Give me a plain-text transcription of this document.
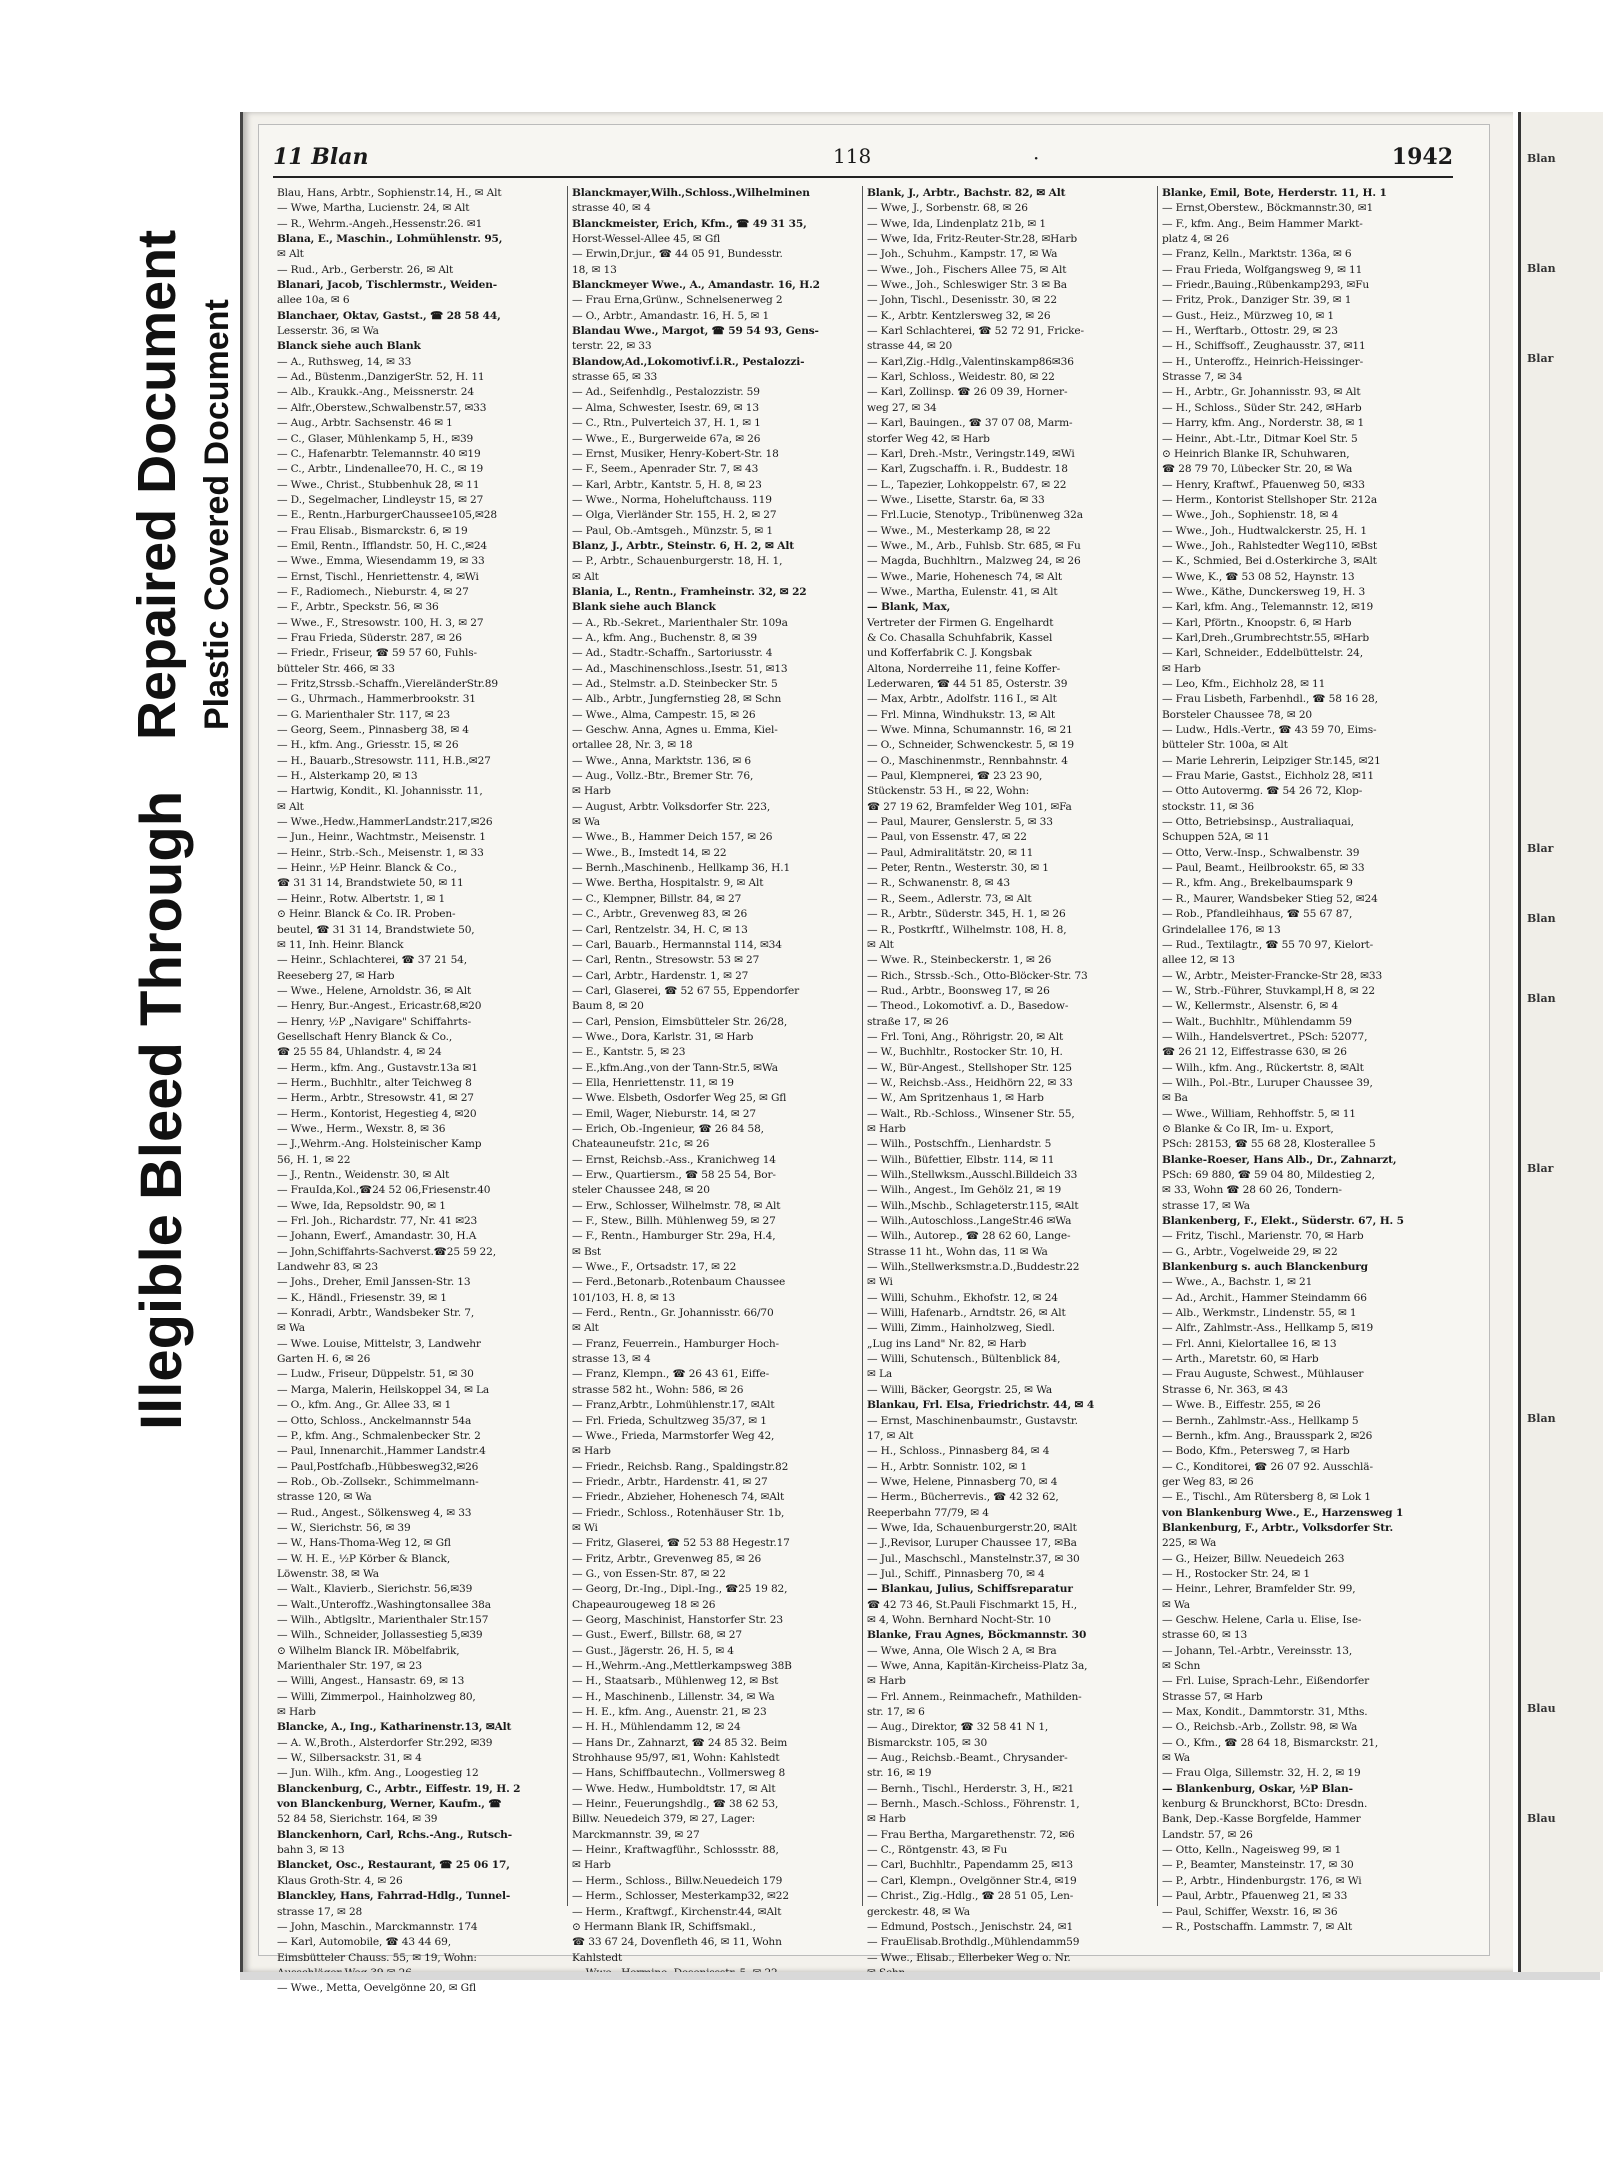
Illegible
Bleed Through
Repaired Document Plastic Covered Document
11 Blan	118	·	1942
Blau, Hans, Arbtr., Sophienstr.14, H., ✉ Alt
— Wwe, Martha, Lucienstr. 24, ✉ Alt
— R., Wehrm.-Angeh.,Hessenstr.26. ✉1
Blana, E., Maschin., Lohmühlenstr. 95,
✉ Alt
— Rud., Arb., Gerberstr. 26, ✉ Alt
Blanari, Jacob, Tischlermstr., Weiden-
allee 10a, ✉ 6
Blanchaer, Oktav, Gastst., ☎ 28 58 44,
Lesserstr. 36, ✉ Wa
Blanck siehe auch Blank
— A., Ruthsweg, 14, ✉ 33
— Ad., Büstenm.,DanzigerStr. 52, H. 11
— Alb., Kraukk.-Ang., Meissnerstr. 24
— Alfr.,Oberstew.,Schwalbenstr.57, ✉33
— Aug., Arbtr. Sachsenstr. 46 ✉ 1
— C., Glaser, Mühlenkamp 5, H., ✉39
— C., Hafenarbtr. Telemannstr. 40 ✉19
— C., Arbtr., Lindenallee70, H. C., ✉ 19
— Wwe., Christ., Stubbenhuk 28, ✉ 11
— D., Segelmacher, Lindleystr 15, ✉ 27
— E., Rentn.,HarburgerChaussee105,✉28
— Frau Elisab., Bismarckstr. 6, ✉ 19
— Emil, Rentn., Ifflandstr. 50, H. C.,✉24
— Wwe., Emma, Wiesendamm 19, ✉ 33
— Ernst, Tischl., Henriettenstr. 4, ✉Wi
— F., Radiomech., Nieburstr. 4, ✉ 27
— F., Arbtr., Speckstr. 56, ✉ 36
— Wwe., F., Stresowstr. 100, H. 3, ✉ 27
— Frau Frieda, Süderstr. 287, ✉ 26
— Friedr., Friseur, ☎ 59 57 60, Fuhls-
bütteler Str. 466, ✉ 33
— Fritz,Strssb.-Schaffn.,ViereländerStr.89
— G., Uhrmach., Hammerbrookstr. 31
— G. Marienthaler Str. 117, ✉ 23
— Georg, Seem., Pinnasberg 38, ✉ 4
— H., kfm. Ang., Griesstr. 15, ✉ 26
— H., Bauarb.,Stresowstr. 111, H.B.,✉27
— H., Alsterkamp 20, ✉ 13
— Hartwig, Kondit., Kl. Johannisstr. 11,
✉ Alt
— Wwe.,Hedw.,HammerLandstr.217,✉26
— Jun., Heinr., Wachtmstr., Meisenstr. 1
— Heinr., Strb.-Sch., Meisenstr. 1, ✉ 33
— Heinr., ½P Heinr. Blanck & Co.,
☎ 31 31 14, Brandstwiete 50, ✉ 11
— Heinr., Rotw. Albertstr. 1, ✉ 1
⊙ Heinr. Blanck & Co. IR. Proben-
beutel, ☎ 31 31 14, Brandstwiete 50,
✉ 11, Inh. Heinr. Blanck
— Heinr., Schlachterei, ☎ 37 21 54,
Reeseberg 27, ✉ Harb
— Wwe., Helene, Arnoldstr. 36, ✉ Alt
— Henry, Bur.-Angest., Ericastr.68,✉20
— Henry, ½P „Navigare" Schiffahrts-
Gesellschaft Henry Blanck & Co.,
☎ 25 55 84, Uhlandstr. 4, ✉ 24
— Herm., kfm. Ang., Gustavstr.13a ✉1
— Herm., Buchhltr., alter Teichweg 8
— Herm., Arbtr., Stresowstr. 41, ✉ 27
— Herm., Kontorist, Hegestieg 4, ✉20
— Wwe., Herm., Wexstr. 8, ✉ 36
— J.,Wehrm.-Ang. Holsteinischer Kamp
56, H. 1, ✉ 22
— J., Rentn., Weidenstr. 30, ✉ Alt
— FrauIda,Kol.,☎24 52 06,Friesenstr.40
— Wwe, Ida, Repsoldstr. 90, ✉ 1
— Frl. Joh., Richardstr. 77, Nr. 41 ✉23
— Johann, Ewerf., Amandastr. 30, H.A
— John,Schiffahrts-Sachverst.☎25 59 22,
Landwehr 83, ✉ 23
— Johs., Dreher, Emil Janssen-Str. 13
— K., Händl., Friesenstr. 39, ✉ 1
— Konradi, Arbtr., Wandsbeker Str. 7,
✉ Wa
— Wwe. Louise, Mittelstr, 3, Landwehr
Garten H. 6, ✉ 26
— Ludw., Friseur, Düppelstr. 51, ✉ 30
— Marga, Malerin, Heilskoppel 34, ✉ La
— O., kfm. Ang., Gr. Allee 33, ✉ 1
— Otto, Schloss., Anckelmannstr 54a
— P., kfm. Ang., Schmalenbecker Str. 2
— Paul, Innenarchit.,Hammer Landstr.4
— Paul,Postfchafb.,Hübbesweg32,✉26
— Rob., Ob.-Zollsekr., Schimmelmann-
strasse 120, ✉ Wa
— Rud., Angest., Sölkensweg 4, ✉ 33
— W., Sierichstr. 56, ✉ 39
— W., Hans-Thoma-Weg 12, ✉ Gfl
— W. H. E., ½P Körber & Blanck,
Löwenstr. 38, ✉ Wa
— Walt., Klavierb., Sierichstr. 56,✉39
— Walt.,Unteroffz.,Washingtonsallee 38a
— Wilh., Abtlgsltr., Marienthaler Str.157
— Wilh., Schneider, Jollassestieg 5,✉39
⊙ Wilhelm Blanck IR. Möbelfabrik,
Marienthaler Str. 197, ✉ 23
— Willi, Angest., Hansastr. 69, ✉ 13
— Willi, Zimmerpol., Hainholzweg 80,
✉ Harb
Blancke, A., Ing., Katharinenstr.13, ✉Alt
— A. W.,Broth., Alsterdorfer Str.292, ✉39
— W., Silbersackstr. 31, ✉ 4
— Jun. Wilh., kfm. Ang., Loogestieg 12
Blanckenburg, C., Arbtr., Eiffestr. 19, H. 2
von Blanckenburg, Werner, Kaufm., ☎
52 84 58, Sierichstr. 164, ✉ 39
Blanckenhorn, Carl, Rchs.-Ang., Rutsch-
bahn 3, ✉ 13
Blancket, Osc., Restaurant, ☎ 25 06 17,
Klaus Groth-Str. 4, ✉ 26
Blanckley, Hans, Fahrrad-Hdlg., Tunnel-
strasse 17, ✉ 28
— John, Maschin., Marckmannstr. 174
— Karl, Automobile, ☎ 43 44 69,
Eimsbütteler Chauss. 55, ✉ 19, Wohn:
— Wwe., Metta, Oevelgönne 20, ✉ Gfl
Blanckmayer,Wilh.,Schloss.,Wilhelminen
strasse 40, ✉ 4
Blanckmeister, Erich, Kfm., ☎ 49 31 35,
Horst-Wessel-Allee 45, ✉ Gfl
— Erwin,Dr.jur., ☎ 44 05 91, Bundesstr.
18, ✉ 13
Blanckmeyer Wwe., A., Amandastr. 16, H.2
— Frau Erna,Grünw., Schnelsenerweg 2
— O., Arbtr., Amandastr. 16, H. 5, ✉ 1
Blandau Wwe., Margot, ☎ 59 54 93, Gens-
terstr. 22, ✉ 33
Blandow,Ad.,Lokomotivf.i.R., Pestalozzi-
strasse 65, ✉ 33
— Ad., Seifenhdlg., Pestalozzistr. 59
— Alma, Schwester, Isestr. 69, ✉ 13
— C., Rtn., Pulverteich 37, H. 1, ✉ 1
— Wwe., E., Burgerweide 67a, ✉ 26
— Ernst, Musiker, Henry-Kobert-Str. 18
— F., Seem., Apenrader Str. 7, ✉ 43
— Karl, Arbtr., Kantstr. 5, H. 8, ✉ 23
— Wwe., Norma, Hoheluftchauss. 119
— Olga, Vierländer Str. 155, H. 2, ✉ 27
— Paul, Ob.-Amtsgeh., Münzstr. 5, ✉ 1
Blanz, J., Arbtr., Steinstr. 6, H. 2, ✉ Alt
— P., Arbtr., Schauenburgerstr. 18, H. 1,
✉ Alt
Blania, L., Rentn., Framheinstr. 32, ✉ 22
Blank siehe auch Blanck
— A., Rb.-Sekret., Marienthaler Str. 109a
— A., kfm. Ang., Buchenstr. 8, ✉ 39
— Ad., Stadtr.-Schaffn., Sartoriusstr. 4
— Ad., Maschinenschloss.,Isestr. 51, ✉13
— Ad., Stelmstr. a.D. Steinbecker Str. 5
— Alb., Arbtr., Jungfernstieg 28, ✉ Schn
— Wwe., Alma, Campestr. 15, ✉ 26
— Geschw. Anna, Agnes u. Emma, Kiel-
ortallee 28, Nr. 3, ✉ 18
— Wwe., Anna, Marktstr. 136, ✉ 6
— Aug., Vollz.-Btr., Bremer Str. 76,
✉ Harb
— August, Arbtr. Volksdorfer Str. 223,
✉ Wa
— Wwe., B., Hammer Deich 157, ✉ 26
— Wwe., B., Imstedt 14, ✉ 22
— Bernh.,Maschinenb., Hellkamp 36, H.1
— Wwe. Bertha, Hospitalstr. 9, ✉ Alt
— C., Klempner, Billstr. 84, ✉ 27
— C., Arbtr., Grevenweg 83, ✉ 26
— Carl, Rentzelstr. 34, H. C, ✉ 13
— Carl, Bauarb., Hermannstal 114, ✉34
— Carl, Rentn., Stresowstr. 53 ✉ 27
— Carl, Arbtr., Hardenstr. 1, ✉ 27
— Carl, Glaserei, ☎ 52 67 55, Eppendorfer
Baum 8, ✉ 20
— Carl, Pension, Eimsbütteler Str. 26/28,
— Wwe., Dora, Karlstr. 31, ✉ Harb
— E., Kantstr. 5, ✉ 23
— E.,kfm.Ang.,von der Tann-Str.5, ✉Wa
— Ella, Henriettenstr. 11, ✉ 19
— Wwe. Elsbeth, Osdorfer Weg 25, ✉ Gfl
— Emil, Wager, Nieburstr. 14, ✉ 27
— Erich, Ob.-Ingenieur, ☎ 26 84 58,
Chateauneufstr. 21c, ✉ 26
— Ernst, Reichsb.-Ass., Kranichweg 14
— Erw., Quartiersm., ☎ 58 25 54, Bor-
steler Chaussee 248, ✉ 20
— Erw., Schlosser, Wilhelmstr. 78, ✉ Alt
— F., Stew., Billh. Mühlenweg 59, ✉ 27
— F., Rentn., Hamburger Str. 29a, H.4,
✉ Bst
— Wwe., F., Ortsadstr. 17, ✉ 22
— Ferd.,Betonarb.,Rotenbaum Chaussee
101/103, H. 8, ✉ 13
— Ferd., Rentn., Gr. Johannisstr. 66/70
✉ Alt
— Franz, Feuerrein., Hamburger Hoch-
strasse 13, ✉ 4
— Franz, Klempn., ☎ 26 43 61, Eiffe-
strasse 582 ht., Wohn: 586, ✉ 26
— Franz,Arbtr., Lohmühlenstr.17, ✉Alt
— Frl. Frieda, Schultzweg 35/37, ✉ 1
— Wwe., Frieda, Marmstorfer Weg 42,
✉ Harb
— Friedr., Reichsb. Rang., Spaldingstr.82
— Friedr., Arbtr., Hardenstr. 41, ✉ 27
— Friedr., Abzieher, Hohenesch 74, ✉Alt
— Friedr., Schloss., Rotenhäuser Str. 1b,
✉ Wi
— Fritz, Glaserei, ☎ 52 53 88 Hegestr.17
— Fritz, Arbtr., Grevenweg 85, ✉ 26
— G., von Essen-Str. 87, ✉ 22
— Georg, Dr.-Ing., Dipl.-Ing., ☎25 19 82,
Chapeaurougeweg 18 ✉ 26
— Georg, Maschinist, Hanstorfer Str. 23
— Gust., Ewerf., Billstr. 68, ✉ 27
— Gust., Jägerstr. 26, H. 5, ✉ 4
— H.,Wehrm.-Ang.,Mettlerkampsweg 38B
— H., Staatsarb., Mühlenweg 12, ✉ Bst
— H., Maschinenb., Lillenstr. 34, ✉ Wa
— H. E., kfm. Ang., Auenstr. 21, ✉ 23
— H. H., Mühlendamm 12, ✉ 24
— Hans Dr., Zahnarzt, ☎ 24 85 32. Beim
Strohhause 95/97, ✉1, Wohn: Kahlstedt
— Hans, Schiffbautechn., Vollmersweg 8
— Wwe. Hedw., Humboldtstr. 17, ✉ Alt
— Heinr., Feuerungshdlg., ☎ 38 62 53,
Billw. Neuedeich 379, ✉ 27, Lager:
Marckmannstr. 39, ✉ 27
— Heinr., Kraftwagführ., Schlossstr. 88,
✉ Harb
— Herm., Schloss., Billw.Neuedeich 179
— Herm., Schlosser, Mesterkamp32, ✉22
— Herm., Kraftwgf., Kirchenstr.44, ✉Alt
⊙ Hermann Blank IR, Schiffsmakl.,
☎ 33 67 24, Dovenfleth 46, ✉ 11, Wohn
Kahlstedt
Blank, J., Arbtr., Bachstr. 82, ✉ Alt
— Wwe, J., Sorbenstr. 68, ✉ 26
— Wwe, Ida, Lindenplatz 21b, ✉ 1
— Wwe, Ida, Fritz-Reuter-Str.28, ✉Harb
— Joh., Schuhm., Kampstr. 17, ✉ Wa
— Wwe., Joh., Fischers Allee 75, ✉ Alt
— Wwe., Joh., Schleswiger Str. 3 ✉ Ba
— John, Tischl., Desenisstr. 30, ✉ 22
— K., Arbtr. Kentzlersweg 32, ✉ 26
— Karl Schlachterei, ☎ 52 72 91, Fricke-
strasse 44, ✉ 20
— Karl,Zig.-Hdlg.,Valentinskamp86✉36
— Karl, Schloss., Weidestr. 80, ✉ 22
— Karl, Zollinsp. ☎ 26 09 39, Horner-
weg 27, ✉ 34
— Karl, Bauingen., ☎ 37 07 08, Marm-
storfer Weg 42, ✉ Harb
— Karl, Dreh.-Mstr., Veringstr.149, ✉Wi
— Karl, Zugschaffn. i. R., Buddestr. 18
— L., Tapezier, Lohkoppelstr. 67, ✉ 22
— Wwe., Lisette, Starstr. 6a, ✉ 33
— Frl.Lucie, Stenotyp., Tribünenweg 32a
— Wwe., M., Mesterkamp 28, ✉ 22
— Wwe., M., Arb., Fuhlsb. Str. 685, ✉ Fu
— Magda, Buchhltrn., Malzweg 24, ✉ 26
— Wwe., Marie, Hohenesch 74, ✉ Alt
— Wwe., Martha, Eulenstr. 41, ✉ Alt
— Blank, Max,
Vertreter der Firmen G. Engelhardt
& Co. Chasalla Schuhfabrik, Kassel
und Kofferfabrik C. J. Kongsbak
Altona, Norderreihe 11, feine Koffer-
Lederwaren, ☎ 44 51 85, Osterstr. 39
— Max, Arbtr., Adolfstr. 116 I., ✉ Alt
— Frl. Minna, Windhukstr. 13, ✉ Alt
— Wwe. Minna, Schumannstr. 16, ✉ 21
— O., Schneider, Schwenckestr. 5, ✉ 19
— O., Maschinenmstr., Rennbahnstr. 4
— Paul, Klempnerei, ☎ 23 23 90,
Stückenstr. 53 H., ✉ 22, Wohn:
☎ 27 19 62, Bramfelder Weg 101, ✉Fa
— Paul, Maurer, Genslerstr. 5, ✉ 33
— Paul, von Essenstr. 47, ✉ 22
— Paul, Admiralitätstr. 20, ✉ 11
— Peter, Rentn., Westerstr. 30, ✉ 1
— R., Schwanenstr. 8, ✉ 43
— R., Seem., Adlerstr. 73, ✉ Alt
— R., Arbtr., Süderstr. 345, H. 1, ✉ 26
— R., Postkrftf., Wilhelmstr. 108, H. 8,
✉ Alt
— Wwe. R., Steinbeckerstr. 1, ✉ 26
— Rich., Strssb.-Sch., Otto-Blöcker-Str. 73
— Rud., Arbtr., Boonsweg 17, ✉ 26
— Theod., Lokomotivf. a. D., Basedow-
straße 17, ✉ 26
— Frl. Toni, Ang., Röhrigstr. 20, ✉ Alt
— W., Buchhltr., Rostocker Str. 10, H.
— W., Bür-Angest., Stellshoper Str. 125
— W., Reichsb.-Ass., Heidhörn 22, ✉ 33
— W., Am Spritzenhaus 1, ✉ Harb
— Walt., Rb.-Schloss., Winsener Str. 55,
✉ Harb
— Wilh., Postschffn., Lienhardstr. 5
— Wilh., Büfettier, Elbstr. 114, ✉ 11
— Wilh.,Stellwksm.,Ausschl.Billdeich 33
— Wilh., Angest., Im Gehölz 21, ✉ 19
— Wilh.,Mschb., Schlageterstr.115, ✉Alt
— Wilh.,Autoschloss.,LangeStr.46 ✉Wa
— Wilh., Autorep., ☎ 28 62 60, Lange-
Strasse 11 ht., Wohn das, 11 ✉ Wa
— Wilh.,Stellwerksmstr.a.D.,Buddestr.22
✉ Wi
— Willi, Schuhm., Ekhofstr. 12, ✉ 24
— Willi, Hafenarb., Arndtstr. 26, ✉ Alt
— Willi, Zimm., Hainholzweg, Siedl.
„Lug ins Land" Nr. 82, ✉ Harb
— Willi, Schutensch., Bültenblick 84,
✉ La
— Willi, Bäcker, Georgstr. 25, ✉ Wa
Blankau, Frl. Elsa, Friedrichstr. 44, ✉ 4
— Ernst, Maschinenbaumstr., Gustavstr.
17, ✉ Alt
— H., Schloss., Pinnasberg 84, ✉ 4
— H., Arbtr. Sonnistr. 102, ✉ 1
— Wwe, Helene, Pinnasberg 70, ✉ 4
— Herm., Bücherrevis., ☎ 42 32 62,
Reeperbahn 77/79, ✉ 4
— Wwe, Ida, Schauenburgerstr.20, ✉Alt
— J.,Revisor, Luruper Chaussee 17, ✉Ba
— Jul., Maschschl., Manstelnstr.37, ✉ 30
— Jul., Schiff., Pinnasberg 70, ✉ 4
— Blankau, Julius, Schiffsreparatur
☎ 42 73 46, St.Pauli Fischmarkt 15, H.,
✉ 4, Wohn. Bernhard Nocht-Str. 10
Blanke, Frau Agnes, Böckmannstr. 30
— Wwe, Anna, Ole Wisch 2 A, ✉ Bra
— Wwe, Anna, Kapitän-Kircheiss-Platz 3a,
✉ Harb
— Frl. Annem., Reinmachefr., Mathilden-
str. 17, ✉ 6
— Aug., Direktor, ☎ 32 58 41 N 1,
Bismarckstr. 105, ✉ 30
— Aug., Reichsb.-Beamt., Chrysander-
str. 16, ✉ 19
— Bernh., Tischl., Herderstr. 3, H., ✉21
— Bernh., Masch.-Schloss., Föhrenstr. 1,
✉ Harb
— Frau Bertha, Margarethenstr. 72, ✉6
— C., Röntgenstr. 43, ✉ Fu
— Carl, Buchhltr., Papendamm 25, ✉13
— Carl, Klempn., Ovelgönner Str.4, ✉19
— Christ., Zig.-Hdlg., ☎ 28 51 05, Len-
gerckestr. 48, ✉ Wa
— Edmund, Postsch., Jenischstr. 24, ✉1
— FrauElisab.Brothdlg.,Mühlendamm59
— Wwe., Elisab., Ellerbeker Weg o. Nr.
Blanke, Emil, Bote, Herderstr. 11, H. 1
— Ernst,Oberstew., Böckmannstr.30, ✉1
— F., kfm. Ang., Beim Hammer Markt-
platz 4, ✉ 26
— Franz, Kelln., Marktstr. 136a, ✉ 6
— Frau Frieda, Wolfgangsweg 9, ✉ 11
— Friedr.,Bauing.,Rübenkamp293, ✉Fu
— Fritz, Prok., Danziger Str. 39, ✉ 1
— Gust., Heiz., Mürzweg 10, ✉ 1
— H., Werftarb., Ottostr. 29, ✉ 23
— H., Schiffsoff., Zeughausstr. 37, ✉11
— H., Unteroffz., Heinrich-Heissinger-
Strasse 7, ✉ 34
— H., Arbtr., Gr. Johannisstr. 93, ✉ Alt
— H., Schloss., Süder Str. 242, ✉Harb
— Harry, kfm. Ang., Norderstr. 38, ✉ 1
— Heinr., Abt.-Ltr., Ditmar Koel Str. 5
⊙ Heinrich Blanke IR, Schuhwaren,
☎ 28 79 70, Lübecker Str. 20, ✉ Wa
— Henry, Kraftwf., Pfauenweg 50, ✉33
— Herm., Kontorist Stellshoper Str. 212a
— Wwe., Joh., Sophienstr. 18, ✉ 4
— Wwe., Joh., Hudtwalckerstr. 25, H. 1
— Wwe., Joh., Rahlstedter Weg110, ✉Bst
— K., Schmied, Bei d.Osterkirche 3, ✉Alt
— Wwe, K., ☎ 53 08 52, Haynstr. 13
— Wwe., Käthe, Dunckersweg 19, H. 3
— Karl, kfm. Ang., Telemannstr. 12, ✉19
— Karl, Pförtn., Knoopstr. 6, ✉ Harb
— Karl,Dreh.,Grumbrechtstr.55, ✉Harb
— Karl, Schneider., Eddelbüttelstr. 24,
✉ Harb
— Leo, Kfm., Eichholz 28, ✉ 11
— Frau Lisbeth, Farbenhdl., ☎ 58 16 28,
Borsteler Chaussee 78, ✉ 20
— Ludw., Hdls.-Vertr., ☎ 43 59 70, Eims-
bütteler Str. 100a, ✉ Alt
— Marie Lehrerin, Leipziger Str.145, ✉21
— Frau Marie, Gastst., Eichholz 28, ✉11
— Otto Autovermg. ☎ 54 26 72, Klop-
stockstr. 11, ✉ 36
— Otto, Betriebsinsp., Australiaquai,
Schuppen 52A, ✉ 11
— Otto, Verw.-Insp., Schwalbenstr. 39
— Paul, Beamt., Heilbrookstr. 65, ✉ 33
— R., kfm. Ang., Brekelbaumspark 9
— R., Maurer, Wandsbeker Stieg 52, ✉24
— Rob., Pfandleihhaus, ☎ 55 67 87,
Grindelallee 176, ✉ 13
— Rud., Textilagtr., ☎ 55 70 97, Kielort-
allee 12, ✉ 13
— W., Arbtr., Meister-Francke-Str 28, ✉33
— W., Strb.-Führer, Stuvkampl,H 8, ✉ 22
— W., Kellermstr., Alsenstr. 6, ✉ 4
— Walt., Buchhltr., Mühlendamm 59
— Wilh., Handelsvertret., PSch: 52077,
☎ 26 21 12, Eiffestrasse 630, ✉ 26
— Wilh., kfm. Ang., Rückertstr. 8, ✉Alt
— Wilh., Pol.-Btr., Luruper Chaussee 39,
✉ Ba
— Wwe., William, Rehhoffstr. 5, ✉ 11
⊙ Blanke & Co IR, Im- u. Export,
PSch: 28153, ☎ 55 68 28, Klosterallee 5
Blanke-Roeser, Hans Alb., Dr., Zahnarzt,
PSch: 69 880, ☎ 59 04 80, Mildestieg 2,
✉ 33, Wohn ☎ 28 60 26, Tondern-
strasse 17, ✉ Wa
Blankenberg, F., Elekt., Süderstr. 67, H. 5
— Fritz, Tischl., Marienstr. 70, ✉ Harb
— G., Arbtr., Vogelweide 29, ✉ 22
Blankenburg s. auch Blanckenburg
— Wwe., A., Bachstr. 1, ✉ 21
— Ad., Archit., Hammer Steindamm 66
— Alb., Werkmstr., Lindenstr. 55, ✉ 1
— Alfr., Zahlmstr.-Ass., Hellkamp 5, ✉19
— Frl. Anni, Kielortallee 16, ✉ 13
— Arth., Maretstr. 60, ✉ Harb
— Frau Auguste, Schwest., Mühlauser
Strasse 6, Nr. 363, ✉ 43
— Wwe. B., Eiffestr. 255, ✉ 26
— Bernh., Zahlmstr.-Ass., Hellkamp 5
— Bernh., kfm. Ang., Brausspark 2, ✉26
— Bodo, Kfm., Petersweg 7, ✉ Harb
— C., Konditorei, ☎ 26 07 92. Ausschlä-
ger Weg 83, ✉ 26
— E., Tischl., Am Rütersberg 8, ✉ Lok 1
von Blankenburg Wwe., E., Harzensweg 1
Blankenburg, F., Arbtr., Volksdorfer Str.
225, ✉ Wa
— G., Heizer, Billw. Neuedeich 263
— H., Rostocker Str. 24, ✉ 1
— Heinr., Lehrer, Bramfelder Str. 99,
✉ Wa
— Geschw. Helene, Carla u. Elise, Ise-
strasse 60, ✉ 13
— Johann, Tel.-Arbtr., Vereinsstr. 13,
✉ Schn
— Frl. Luise, Sprach-Lehr., Eißendorfer
Strasse 57, ✉ Harb
— Max, Kondit., Dammtorstr. 31, Mths.
— O., Reichsb.-Arb., Zollstr. 98, ✉ Wa
— O., Kfm., ☎ 28 64 18, Bismarckstr. 21,
✉ Wa
— Frau Olga, Sillemstr. 32, H. 2, ✉ 19
— Blankenburg, Oskar, ½P Blan-
kenburg & Brunckhorst, BCto: Dresdn.
Bank, Dep.-Kasse Borgfelde, Hammer
Landstr. 57, ✉ 26
— Otto, Kelln., Nageisweg 99, ✉ 1
— P., Beamter, Mansteinstr. 17, ✉ 30
— P., Arbtr., Hindenburgstr. 176, ✉ Wi
— Paul, Arbtr., Pfauenweg 21, ✉ 33
— Paul, Schiffer, Wexstr. 16, ✉ 36
— R., Postschaffn. Lammstr. 7, ✉ Alt
Blan
Blan
Blar
Blar
Blan
Blan
Blar
Blan
Blau
Blau
